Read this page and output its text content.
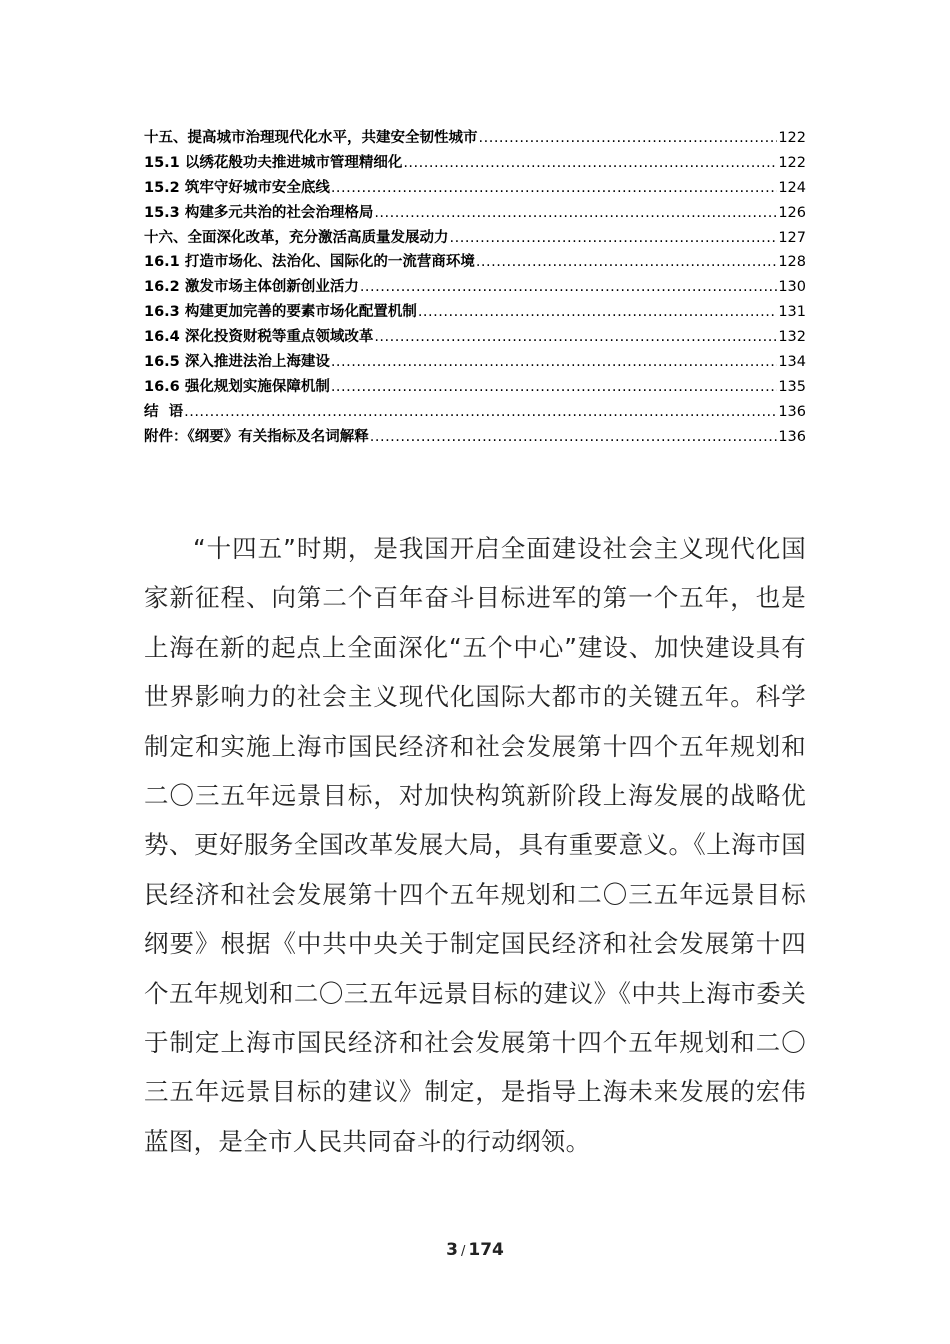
十五、提高城市治理现代化水平，共建安全韧性城市 .....	122
15.1 以绣花般功夫推进城市管理精细化 .....	122
15.2 筑牢守好城市安全底线 .....	124
15.3 构建多元共治的社会治理格局 .....	126
十六、全面深化改革，充分激活高质量发展动力 .....	127
16.1 打造市场化、法治化、国际化的一流营商环境 .....	128
16.2 激发市场主体创新创业活力 .....	130
16.3 构建更加完善的要素市场化配置机制 .....	131
16.4 深化投资财税等重点领域改革 .....	132
16.5 深入推进法治上海建设 .....	134
16.6 强化规划实施保障机制 .....	135
结  语 .....	136
附件：《纲要》有关指标及名词解释 .....	136

“十四五”时期，是我国开启全面建设社会主义现代化国家新征程、向第二个百年奋斗目标进军的第一个五年，也是上海在新的起点上全面深化“五个中心”建设、加快建设具有世界影响力的社会主义现代化国际大都市的关键五年。科学制定和实施上海市国民经济和社会发展第十四个五年规划和二〇三五年远景目标，对加快构筑新阶段上海发展的战略优势、更好服务全国改革发展大局，具有重要意义。《上海市国民经济和社会发展第十四个五年规划和二〇三五年远景目标纲要》根据《中共中央关于制定国民经济和社会发展第十四个五年规划和二〇三五年远景目标的建议》《中共上海市委关于制定上海市国民经济和社会发展第十四个五年规划和二〇三五年远景目标的建议》制定，是指导上海未来发展的宏伟蓝图，是全市人民共同奋斗的行动纲领。

3 / 174
